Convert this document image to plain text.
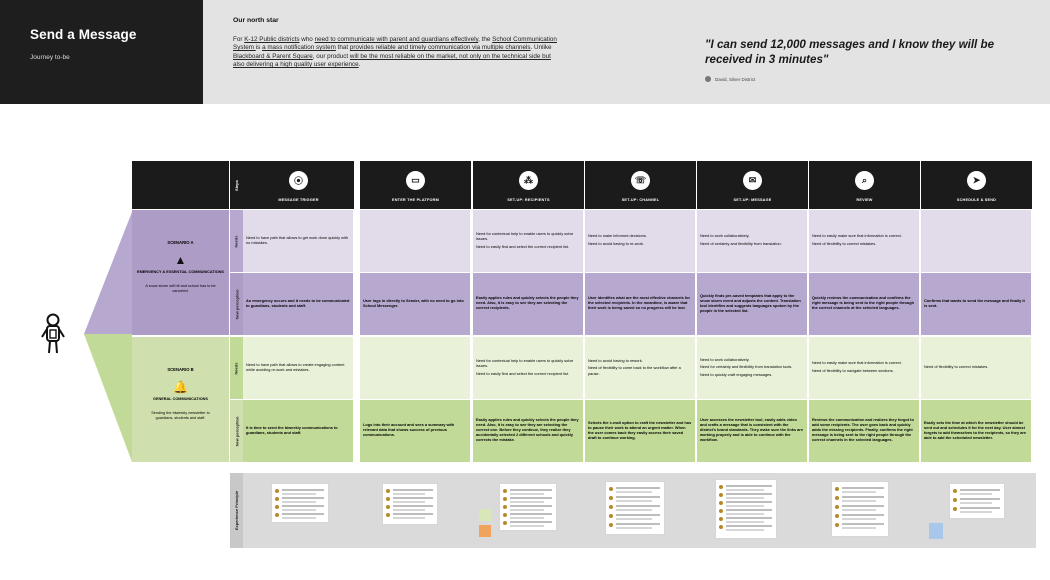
Send a Message
Journey to-be
Our north star
For K-12 Public districts who need to communicate with parent and guardians effectively, the School Communication System is a mass notification system that provides reliable and timely communication via multiple channels. Unlike Blackboard & Parent Square, our product will be the most reliable on the market, not only on the technical side but also delivering a high quality user experience.
"I can send 12,000 messages and I know they will be received in 3 minutes"
David, Silver District
Steps
Needs
New perception
Needs
New perception
Experience Principle
⦿
MESSAGE TRIGGER
▭
ENTER THE PLATFORM
⁂
SET-UP: RECIPIENTS
☏
SET-UP: CHANNEL
✉
SET-UP: MESSAGE
⌕
REVIEW
➤
SCHEDULE & SEND
SCENARIO A
▲
EMERGENCY & ESSENTIAL COMMUNICATIONS
A snow storm will hit and school has to be canceled.

Need to have path that allows to get work done quickly with no mistakes.

Need for contextual help to enable users to quickly solve issues.

Need to easily find and select the correct recipient list.

Need to make informed decisions.

Need to avoid having to re-work.

Need to work collaboratively.

Need of certainty and flexibility from translation.

Need to easily make sure that information is correct.

Need of flexibility to correct mistakes.

An emergency occurs and it needs to be communicated to guardians, students and staff.

User logs in directly to Sender, with no need to go into School Messenger.

Easily applies rules and quickly selects the people they need. Also, it is easy to see they are selecting the correct recipients.

User identifies what are the most effective channels for the selected recipients. In the meantime, is aware that their work is being saved so no progress will be lost.

Quickly finds pre-saved templates that apply to the snow storm event and adjusts the content. Translation tool identifies and suggests languages spoken by the people in the selected list.

Quickly reviews the communication and confirms the right message is being sent to the right people through the correct channels at the selected languages.

Confirms that wants to send the message and finally it is sent.

SCENARIO B
🔔
GENERAL COMMUNICATIONS
Sending the biweekly newsletter to guardians, students and staff.

Need to have path that allows to create engaging content while avoiding re-work and mistakes.

Need for contextual help to enable users to quickly solve issues.

Need to easily find and select the correct recipient list.

Need to avoid having to rework.

Need of flexibility to come back to the workflow after a pause.

Need to work collaboratively.

Need for certainty and flexibility from translation tools.

Need to quickly craft engaging messages.

Need to easily make sure that information is correct.

Need of flexibility to navigate between sections.

Need of flexibility to correct mistakes.

It is time to send the biweekly communications to guardians, students and staff.

Logs into their account and sees a summary with relevant data that shows success of previous communications.

Easily applies rules and quickly selects the people they need. Also, it is easy to see they are selecting the correct one. Before they continue, they realize they accidentally selected 2 different schools and quickly corrects the mistake.

Selects the e-mail option to craft the newsletter and has to pause their work to attend an urgent matter. When the user comes back they easily access their saved draft to continue working.

User accesses the newsletter tool, easily adds video and crafts a message that is consistent with the district's brand standards. They make sure the links are working properly and is able to continue with the workflow.

Reviews the communication and realizes they forgot to add some recipients. The user goes back and quickly adds the missing recipients. Finally, confirms the right message is being sent to the right people through the correct channels in the selected languages.

Easily sets the time at which the newsletter should be sent out and schedules it for the next day. User almost forgets to add themselves to the recipients, so they are able to add the scheduled newsletter.
